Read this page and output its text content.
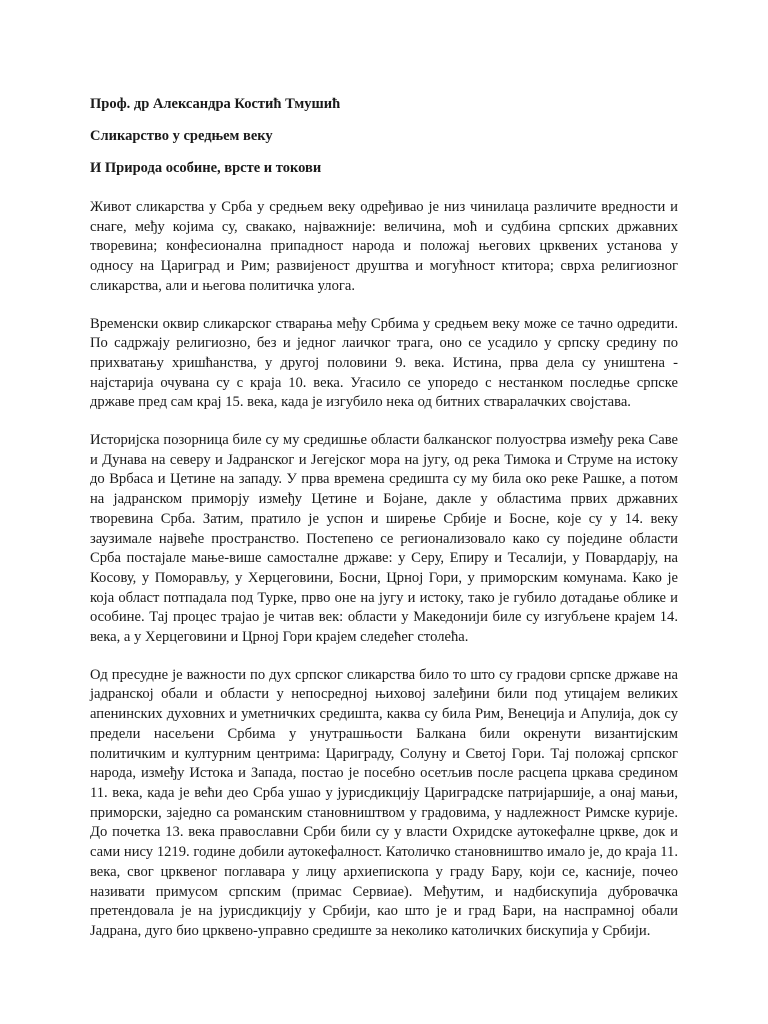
Проф. др Александра Костић Тмушић

Сликарство у средњем веку

И Природа особине, врсте и токови

Живот сликарства у Срба у средњем веку одређивао је низ чинилаца различите вредности и снаге, међу којима су, свакако, најважније: величина, моћ и судбина српских државних творевина; конфесионална припадност народа и положај његових црквених установа у односу на Цариград и Рим; развијеност друштва и могућност ктитора; сврха религиозног сликарства, али и његова политичка улога.

Временски оквир сликарског стварања међу Србима у средњем веку може се тачно одредити. По садржају религиозно, без и једног лаичког трага, оно се усадило у српску средину по прихватању хришћанства, у другој половини 9. века. Истина, прва дела су уништена - најстарија очувана су с краја 10. века. Угасило се упоредо с нестанком последње српске државе пред сам крај 15. века, када је изгубило нека од битних стваралачких својстава.

Историјска позорница биле су му средишње области балканског полуострва између река Саве и Дунава на северу и Јадранског и Јегејског мора на југу, од река Тимока и Струме на истоку до Врбаса и Цетине на западу. У прва времена средишта су му била око реке Рашке, а потом на јадранском приморју између Цетине и Бојане, дакле у областима првих државних творевина Срба. Затим, пратило је успон и ширење Србије и Босне, које су у 14. веку заузимале највеће пространство. Постепено се регионализовало како су поједине области Срба постајале мање-више самосталне државе: у Серу, Епиру и Тесалији, у Повардарју, на Косову, у Поморављу, у Херцеговини, Босни, Црној Гори, у приморским комунама. Како је која област потпадала под Турке, прво оне на југу и истоку, тако је губило дотадање облике и особине. Тај процес трајао је читав век: области у Македонији биле су изгубљене крајем 14. века, а у Херцеговини и Црној Гори крајем следећег столећа.

Од пресудне је важности по дух српског сликарства било то што су градови српске државе на јадранској обали и области у непосредној њиховој залеђини били под утицајем великих апенинских духовних и уметничких средишта, каква су била Рим, Венеција и Апулија, док су предели насељени Србима у унутрашњости Балкана били окренути византијским политичким и културним центрима: Цариграду, Солуну и Светој Гори. Тај положај српског народа, између Истока и Запада, постао је посебно осетљив после расцепа цркава средином 11. века, када је већи део Срба ушао у јурисдикцију Цариградске патријаршије, а онај мањи, приморски, заједно са романским становништвом у градовима, у надлежност Римске курије. До почетка 13. века православни Срби били су у власти Охридске аутокефалне цркве, док и сами нису 1219. године добили аутокефалност. Католичко становништво имало је, до краја 11. века, свог црквеног поглавара у лицу архиепископа у граду Бару, који се, касније, почео називати примусом српским (примас Сервиае). Међутим, и надбискупија дубровачка претендовала је на јурисдикцију у Србији, као што је и град Бари, на наспрамној обали Јадрана, дуго био црквено-управно средиште за неколико католичких бискупија у Србији.
